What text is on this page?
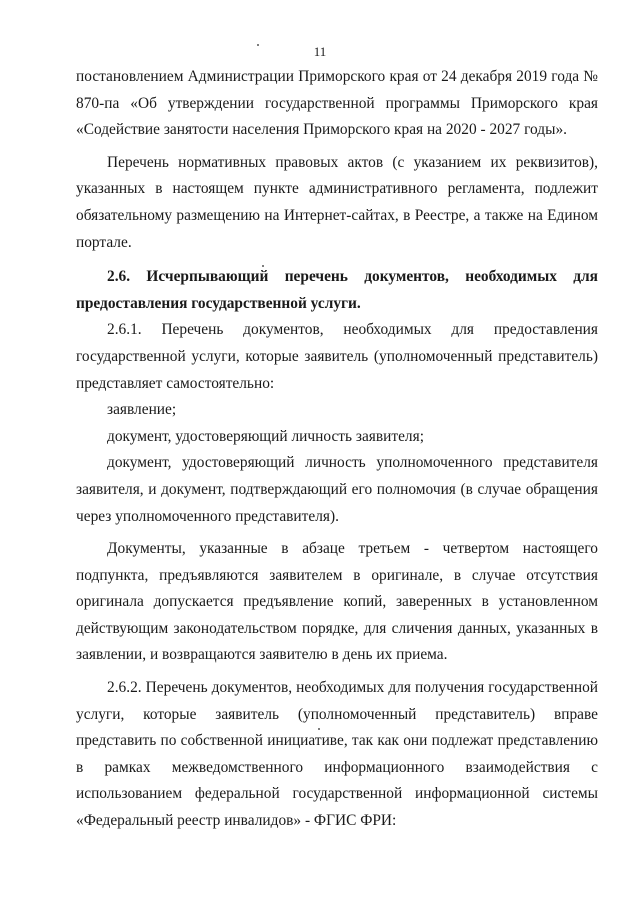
11

постановлением Администрации Приморского края от 24 декабря 2019 года № 870-па «Об утверждении государственной программы Приморского края «Содействие занятости населения Приморского края на 2020 - 2027 годы».

Перечень нормативных правовых актов (с указанием их реквизитов), указанных в настоящем пункте административного регламента, подлежит обязательному размещению на Интернет-сайтах, в Реестре, а также на Едином портале.

2.6. Исчерпывающий перечень документов, необходимых для предоставления государственной услуги.

2.6.1. Перечень документов, необходимых для предоставления государственной услуги, которые заявитель (уполномоченный представитель) представляет самостоятельно:

заявление;

документ, удостоверяющий личность заявителя;

документ, удостоверяющий личность уполномоченного представителя заявителя, и документ, подтверждающий его полномочия (в случае обращения через уполномоченного представителя).

Документы, указанные в абзаце третьем - четвертом настоящего подпункта, предъявляются заявителем в оригинале, в случае отсутствия оригинала допускается предъявление копий, заверенных в установленном действующим законодательством порядке, для сличения данных, указанных в заявлении, и возвращаются заявителю в день их приема.

2.6.2. Перечень документов, необходимых для получения государственной услуги, которые заявитель (уполномоченный представитель) вправе представить по собственной инициативе, так как они подлежат представлению в рамках межведомственного информационного взаимодействия с использованием федеральной государственной информационной системы «Федеральный реестр инвалидов» - ФГИС ФРИ:
